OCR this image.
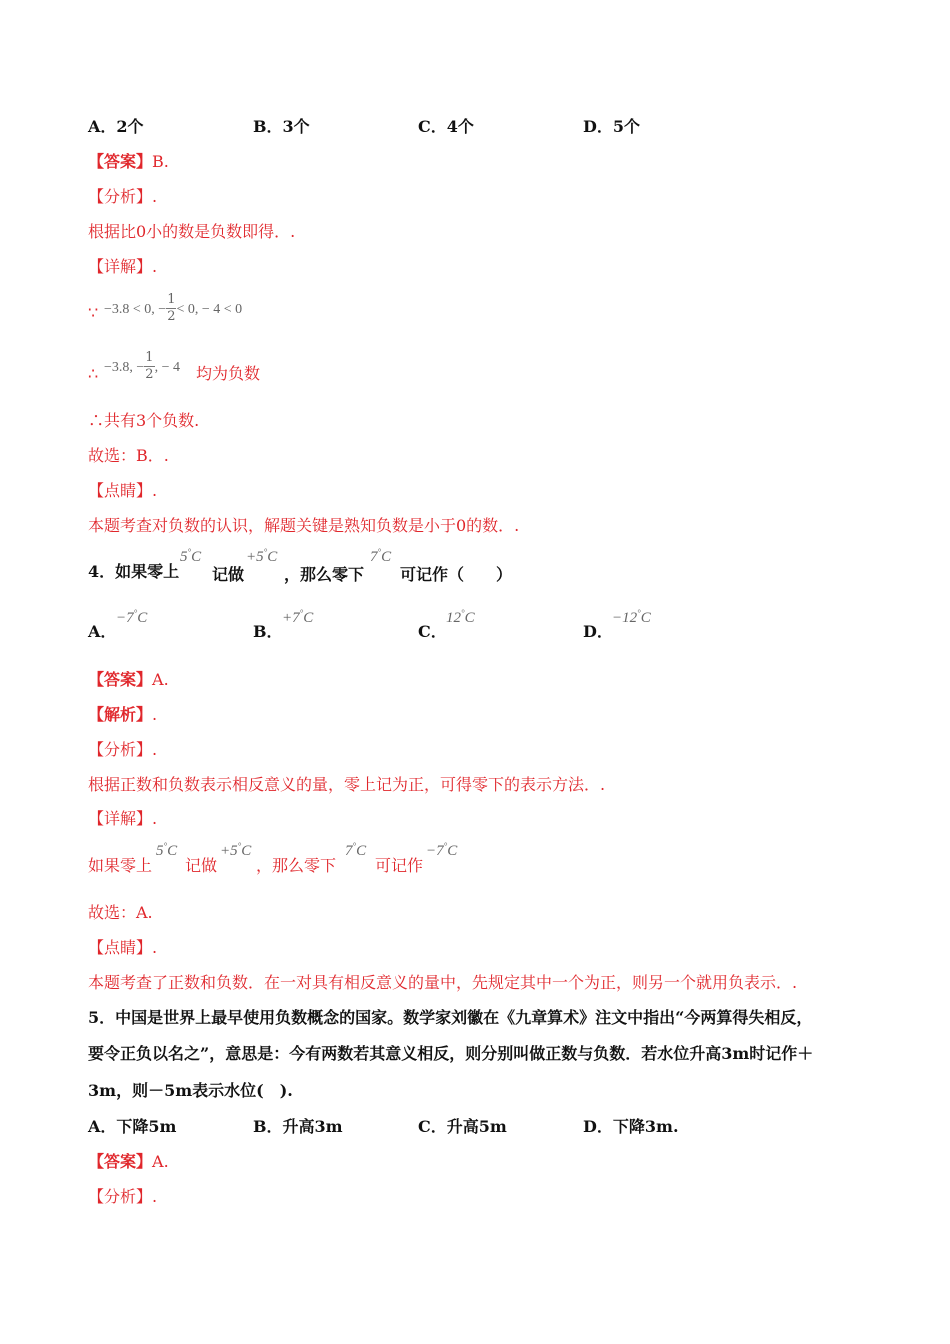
A．2个	B．3个	C．4个	D．5个
【答案】B.
【分析】.
根据比0小的数是负数即得．.
【详解】.
∵ −3.8 < 0, − $\frac{1}{2} < 0$, − 4 < 0
∴ −3.8, − $\frac{1}{2}$ , − 4 均为负数
∴共有3个负数.
故选：B．.
【点睛】.
本题考查对负数的认识，解题关键是熟知负数是小于0的数．.
4．如果零上
5°C
记做
+5°C
，那么零下
7°C
可记作（　　）
A．
−7°C
B．
+7°C
C．
12°C
D．
−12°C
【答案】A.
【解析】.
【分析】.
根据正数和负数表示相反意义的量，零上记为正，可得零下的表示方法．.
【详解】.
如果零上
5°C
记做
+5°C
，那么零下
7°C
可记作
−7°C
故选：A.
【点睛】.
本题考查了正数和负数．在一对具有相反意义的量中，先规定其中一个为正，则另一个就用负表示．.
5．中国是世界上最早使用负数概念的国家。数学家刘徽在《九章算术》注文中指出“今两算得失相反，
要令正负以名之”，意思是：今有两数若其意义相反，则分别叫做正数与负数．若水位升高3m时记作＋
3m，则－5m表示水位(　).
A．下降5m	B．升高3m	C．升高5m	D．下降3m.
【答案】A.
【分析】.
